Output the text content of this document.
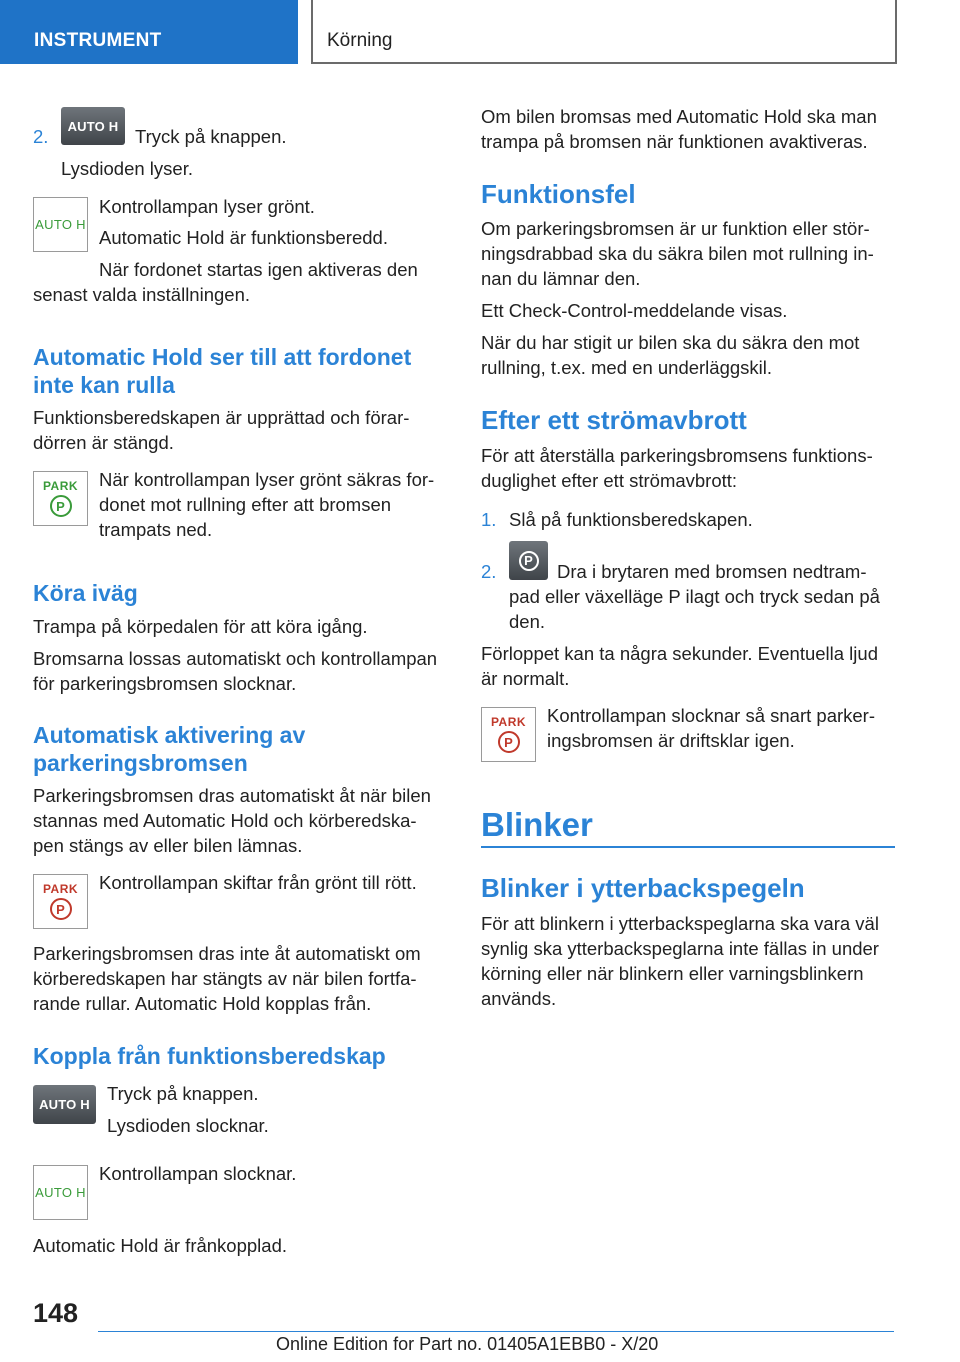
INSTRUMENT	Körning
2. AUTO H Tryck på knappen.

Lysdioden lyser.

AUTO H

Kontrollampan lyser grönt.

Automatic Hold är funktionsberedd.

När fordonet startas igen aktiveras den

senast valda inställningen.

Automatic Hold ser till att fordonet
inte kan rulla

Funktionsberedskapen är upprättad och förar-

dörren är stängd.

PARK
P

När kontrollampan lyser grönt säkras for-

donet mot rullning efter att bromsen

trampats ned.

Köra iväg

Trampa på körpedalen för att köra igång.

Bromsarna lossas automatiskt och kontrollampan

för parkeringsbromsen slocknar.

Automatisk aktivering av
parkeringsbromsen

Parkeringsbromsen dras automatiskt åt när bilen

stannas med Automatic Hold och körberedska-

pen stängs av eller bilen lämnas.

PARK
P

Kontrollampan skiftar från grönt till rött.

Parkeringsbromsen dras inte åt automatiskt om

körberedskapen har stängts av när bilen fortfa-

rande rullar. Automatic Hold kopplas från.

Koppla från funktionsberedskap
AUTO H

Tryck på knappen.

Lysdioden slocknar.

AUTO H

Kontrollampan slocknar.

Automatic Hold är frånkopplad.

Om bilen bromsas med Automatic Hold ska man

trampa på bromsen när funktionen avaktiveras.

Funktionsfel

Om parkeringsbromsen är ur funktion eller stör-

ningsdrabbad ska du säkra bilen mot rullning in-

nan du lämnar den.

Ett Check-Control-meddelande visas.

När du har stigit ur bilen ska du säkra den mot

rullning, t.ex. med en underläggskil.

Efter ett strömavbrott

För att återställa parkeringsbromsens funktions-

duglighet efter ett strömavbrott:

1. Slå på funktionsberedskapen.

2.
P

Dra i brytaren med bromsen nedtram-

pad eller växelläge P ilagt och tryck sedan på

den.

Förloppet kan ta några sekunder. Eventuella ljud

är normalt.

PARK
P

Kontrollampan slocknar så snart parker-

ingsbromsen är driftsklar igen.

Blinker
Blinker i ytterbackspegeln

För att blinkern i ytterbackspeglarna ska vara väl

synlig ska ytterbackspeglarna inte fällas in under

körning eller när blinkern eller varningsblinkern

används.

148
Online Edition for Part no. 01405A1EBB0 - X/20
